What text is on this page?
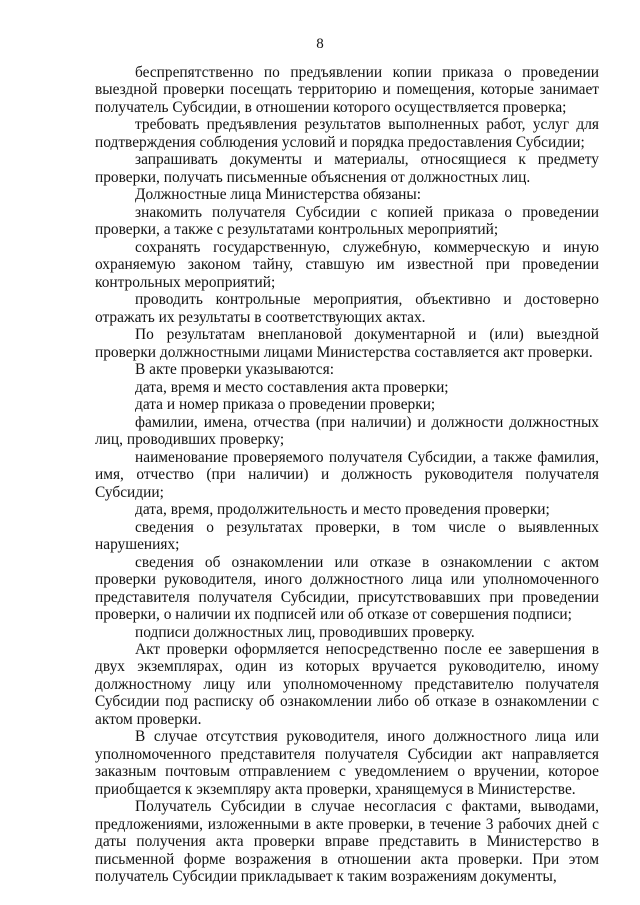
8

беспрепятственно по предъявлении копии приказа о проведении выездной проверки посещать территорию и помещения, которые занимает получатель Субсидии, в отношении которого осуществляется проверка;

требовать предъявления результатов выполненных работ, услуг для подтверждения соблюдения условий и порядка предоставления Субсидии;

запрашивать документы и материалы, относящиеся к предмету проверки, получать письменные объяснения от должностных лиц.

Должностные лица Министерства обязаны:

знакомить получателя Субсидии с копией приказа о проведении проверки, а также с результатами контрольных мероприятий;

сохранять государственную, служебную, коммерческую и иную охраняемую законом тайну, ставшую им известной при проведении контрольных мероприятий;

проводить контрольные мероприятия, объективно и достоверно отражать их результаты в соответствующих актах.

По результатам внеплановой документарной и (или) выездной проверки должностными лицами Министерства составляется акт проверки.

В акте проверки указываются:

дата, время и место составления акта проверки;

дата и номер приказа о проведении проверки;

фамилии, имена, отчества (при наличии) и должности должностных лиц, проводивших проверку;

наименование проверяемого получателя Субсидии, а также фамилия, имя, отчество (при наличии) и должность руководителя получателя Субсидии;

дата, время, продолжительность и место проведения проверки;

сведения о результатах проверки, в том числе о выявленных нарушениях;

сведения об ознакомлении или отказе в ознакомлении с актом проверки руководителя, иного должностного лица или уполномоченного представителя получателя Субсидии, присутствовавших при проведении проверки, о наличии их подписей или об отказе от совершения подписи;

подписи должностных лиц, проводивших проверку.

Акт проверки оформляется непосредственно после ее завершения в двух экземплярах, один из которых вручается руководителю, иному должностному лицу или уполномоченному представителю получателя Субсидии под расписку об ознакомлении либо об отказе в ознакомлении с актом проверки.

В случае отсутствия руководителя, иного должностного лица или уполномоченного представителя получателя Субсидии акт направляется заказным почтовым отправлением с уведомлением о вручении, которое приобщается к экземпляру акта проверки, хранящемуся в Министерстве.

Получатель Субсидии в случае несогласия с фактами, выводами, предложениями, изложенными в акте проверки, в течение 3 рабочих дней с даты получения акта проверки вправе представить в Министерство в письменной форме возражения в отношении акта проверки. При этом получатель Субсидии прикладывает к таким возражениям документы,
